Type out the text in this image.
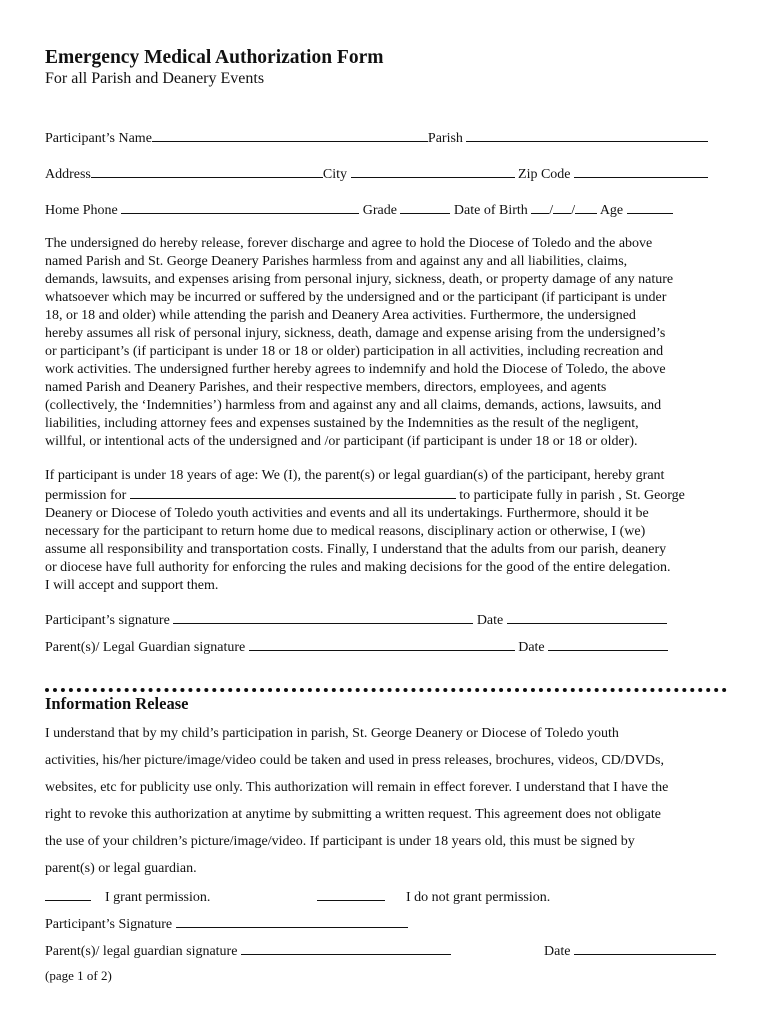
Emergency Medical Authorization Form
For all Parish and Deanery Events
Participant’s Name	Parish
Address	City	Zip Code
Home Phone	Grade	Date of Birth / / Age
The undersigned do hereby release, forever discharge and agree to hold the Diocese of Toledo and the above
named Parish and St. George Deanery Parishes harmless from and against any and all liabilities, claims,
demands, lawsuits, and expenses arising from personal injury, sickness, death, or property damage of any nature
whatsoever which may be incurred or suffered by the undersigned and or the participant (if participant is under
18, or 18 and older) while attending the parish and Deanery Area activities. Furthermore, the undersigned
hereby assumes all risk of personal injury, sickness, death, damage and expense arising from the undersigned’s
or participant’s (if participant is under 18 or 18 or older) participation in all activities, including recreation and
work activities. The undersigned further hereby agrees to indemnify and hold the Diocese of Toledo, the above
named Parish and Deanery Parishes, and their respective members, directors, employees, and agents
(collectively, the ‘Indemnities’) harmless from and against any and all claims, demands, actions, lawsuits, and
liabilities, including attorney fees and expenses sustained by the Indemnities as the result of the negligent,
willful, or intentional acts of the undersigned and /or participant (if participant is under 18 or 18 or older).
If participant is under 18 years of age: We (I), the parent(s) or legal guardian(s) of the participant, hereby grant
permission for	to participate fully in parish , St. George
Deanery or Diocese of Toledo youth activities and events and all its undertakings. Furthermore, should it be
necessary for the participant to return home due to medical reasons, disciplinary action or otherwise, I (we)
assume all responsibility and transportation costs. Finally, I understand that the adults from our parish, deanery
or diocese have full authority for enforcing the rules and making decisions for the good of the entire delegation.
I will accept and support them.
Participant’s signature	Date
Parent(s)/ Legal Guardian signature	Date
Information Release
I understand that by my child’s participation in parish, St. George Deanery or Diocese of Toledo youth
activities, his/her picture/image/video could be taken and used in press releases, brochures, videos, CD/DVDs,
websites, etc for publicity use only. This authorization will remain in effect forever. I understand that I have the
right to revoke this authorization at anytime by submitting a written request. This agreement does not obligate
the use of your children’s picture/image/video. If participant is under 18 years old, this must be signed by
parent(s) or legal guardian.
I grant permission.	I do not grant permission.
Participant’s Signature
Parent(s)/ legal guardian signature	Date
(page 1 of 2)
